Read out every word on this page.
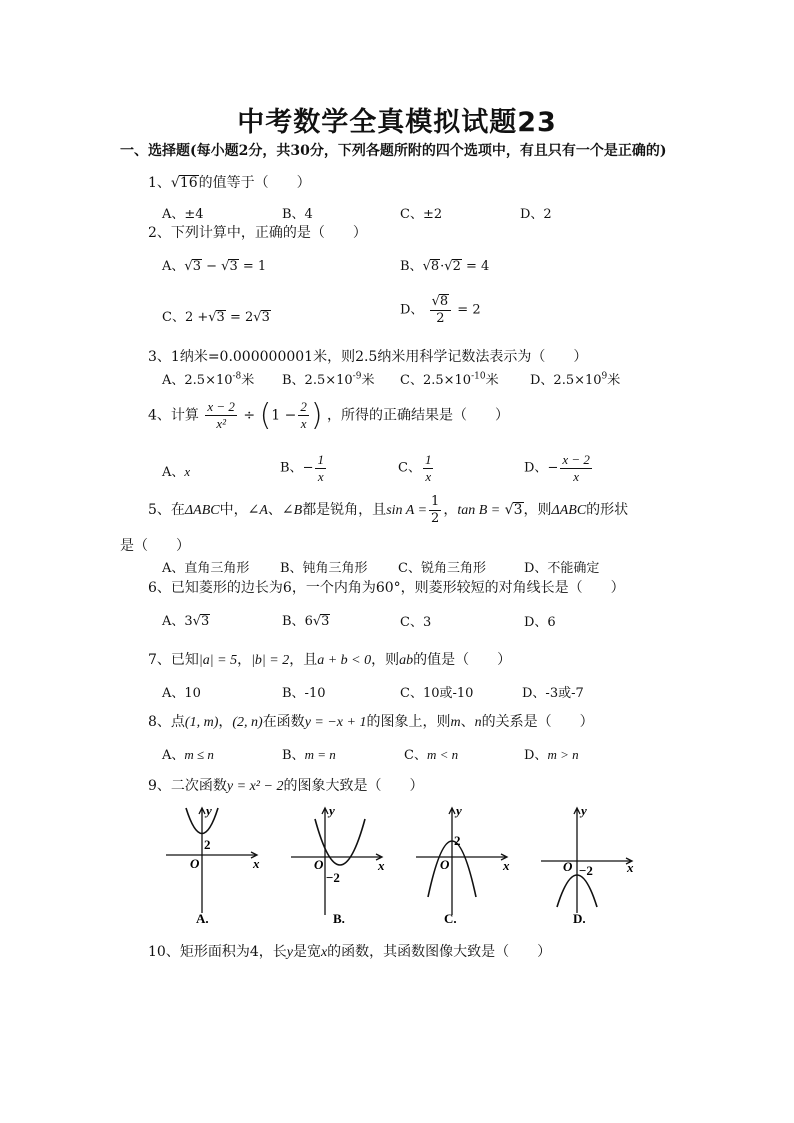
中考数学全真模拟试题23
一、选择题(每小题2分，共30分，下列各题所附的四个选项中，有且只有一个是正确的)
1、√16的值等于（　　）
A、±4	B、4	C、±2	D、2
2、下列计算中，正确的是（　　）
A、√3 − √3 = 1	B、√8·√2 = 4
C、2 +√3 = 2√3	D、 $\frac{√8}{2} = 2$
3、1纳米=0.000000001米，则2.5纳米用科学记数法表示为（　　）
A、$2.5\times 10^{-8}$米 B、$2.5\times 10^{-9}$米 C、$2.5\times 10^{-10}$米 D、$2.5\times 10^9$米
4、计算 $\frac{x - 2}{\text{x²}} \div (1 - \frac{2}{x}$ ) ，所得的正确结果是（　　）
A、x	B、− $\frac{1}{x}$	C、 $\frac{1}{x}$	D、− $\frac{x - 2}{x}$
5、在ΔABC中，∠A、∠B都是锐角，且$\sin A = \frac{1}{2}$ ，tan B = √3，则ΔABC的形状
是（　　）
A、直角三角形 B、钝角三角形 C、锐角三角形	D、不能确定
6、已知菱形的边长为6，一个内角为60°，则菱形较短的对角线长是（　　）
A、3√3	B、6√3	C、3	D、6
7、已知|a| = 5，|b| = 2，且a + b < 0，则ab的值是（　　）
A、10	B、-10	C、10或-10	D、-3或-7
8、点(1, m)，(2, n)在函数y = −x + 1的图象上，则m、n的关系是（　　）
A、m ≤ n	B、m = n	C、m < n	D、m > n
9、二次函数y = x² − 2的图象大致是（　　）
y
x
O
2
A.
y
x
O
−2
B.
y
x
O
2
C.
y
x
O −2
D.
10、矩形面积为4，长y是宽x的函数，其函数图像大致是（　　）
